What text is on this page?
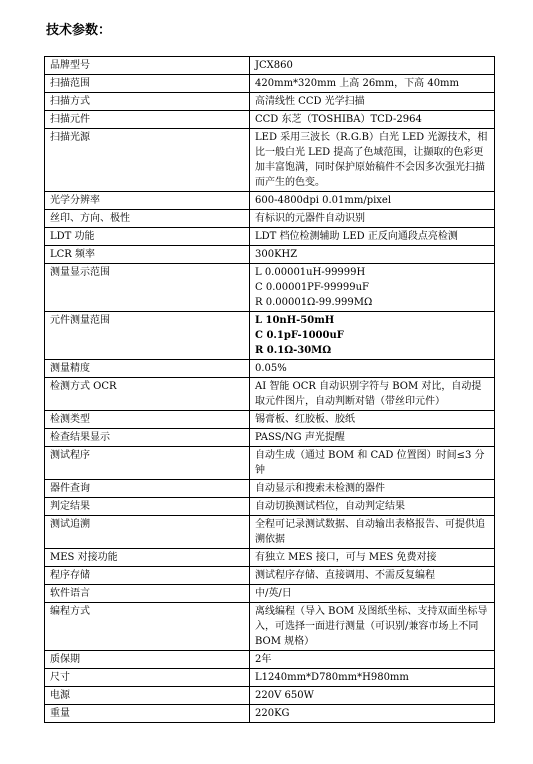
技术参数：
品牌型号	JCX860

扫描范围	420mm*320mm 上高 26mm，下高 40mm

扫描方式	高清线性 CCD 光学扫描

扫描元件	CCD 东芝（TOSHIBA）TCD-2964

扫描光源	LED 采用三波长（R.G.B）白光 LED 光源技术，相比一般白光 LED 提高了色域范围，让撷取的色彩更加丰富饱满，同时保护原始稿件不会因多次强光扫描而产生的色变。

光学分辨率	600-4800dpi 0.01mm/pixel

丝印、方向、极性	有标识的元器件自动识别

LDT 功能	LDT 档位检测辅助 LED 正反向通段点亮检测

LCR 频率	300KHZ

测量显示范围	L 0.00001uH-99999H
C 0.00001PF-99999uF
R 0.00001Ω-99.999MΩ

元件测量范围	L 10nH-50mH
C 0.1pF-1000uF
R 0.1Ω-30MΩ

测量精度	0.05%

检测方式 OCR	AI 智能 OCR 自动识别字符与 BOM 对比，自动提取元件图片，自动判断对错（带丝印元件）

检测类型	锡膏板、红胶板、胶纸

检查结果显示	PASS/NG 声光提醒

测试程序	自动生成（通过 BOM 和 CAD 位置图）时间≤3 分钟

器件查询	自动显示和搜索未检测的器件

判定结果	自动切换测试档位，自动判定结果

测试追溯	全程可记录测试数据、自动输出表格报告、可提供追溯依据

MES 对接功能	有独立 MES 接口，可与 MES 免费对接

程序存储	测试程序存储、直接调用、不需反复编程

软件语言	中/英/日

编程方式	离线编程（导入 BOM 及图纸坐标、支持双面坐标导入，可选择一面进行测量（可识别/兼容市场上不同 BOM 规格）

质保期	2年

尺寸	L1240mm*D780mm*H980mm

电源	220V 650W

重量	220KG
